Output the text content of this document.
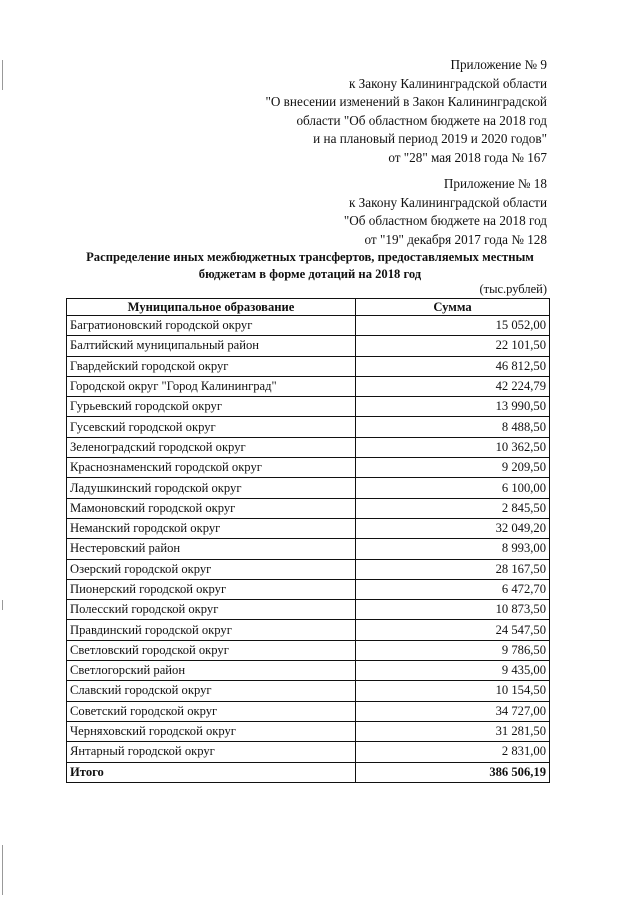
Приложение № 9
к Закону Калининградской области
"О внесении изменений в Закон Калининградской
области "Об областном бюджете на 2018 год
и на плановый период 2019 и 2020 годов"
от "28" мая 2018 года № 167
Приложение № 18
к Закону Калининградской области
"Об областном бюджете на 2018 год
от "19" декабря 2017 года № 128
Распределение иных межбюджетных трансфертов, предоставляемых местным
бюджетам в форме дотаций на 2018 год
(тыс.рублей)
Муниципальное образование	Сумма
Багратионовский городской округ	15 052,00
Балтийский муниципальный район	22 101,50
Гвардейский городской округ	46 812,50
Городской округ "Город Калининград"	42 224,79
Гурьевский городской округ	13 990,50
Гусевский городской округ	8 488,50
Зеленоградский городской округ	10 362,50
Краснознаменский городской округ	9 209,50
Ладушкинский городской округ	6 100,00
Мамоновский городской округ	2 845,50
Неманский городской округ	32 049,20
Нестеровский район	8 993,00
Озерский городской округ	28 167,50
Пионерский городской округ	6 472,70
Полесский городской округ	10 873,50
Правдинский городской округ	24 547,50
Светловский городской округ	9 786,50
Светлогорский район	9 435,00
Славский городской округ	10 154,50
Советский городской округ	34 727,00
Черняховский городской округ	31 281,50
Янтарный городской округ	2 831,00
Итого	386 506,19
